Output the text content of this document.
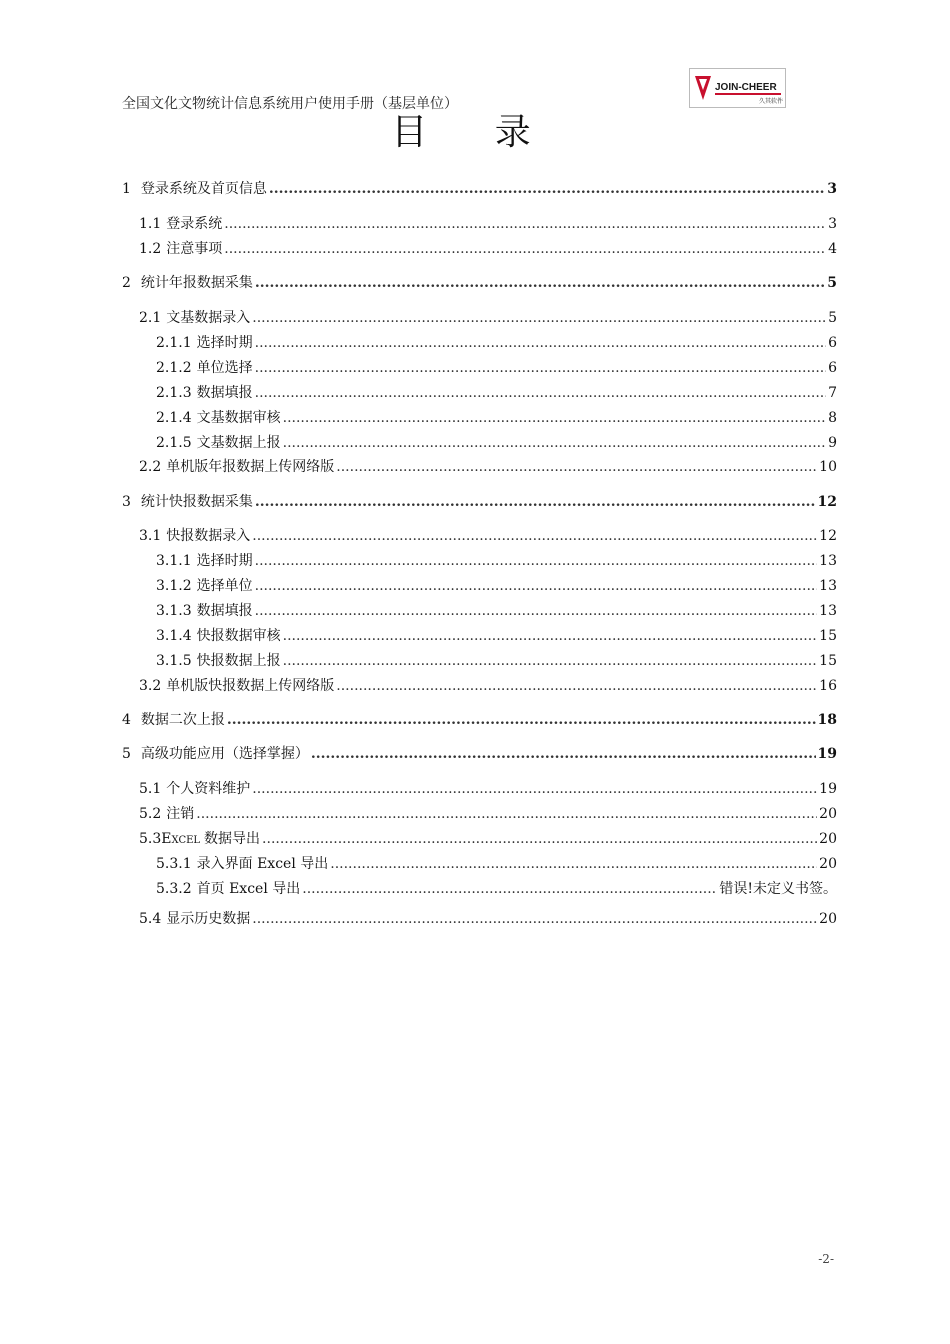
全国文化文物统计信息系统用户使用手册（基层单位）
JOIN-CHEER
久其软件
目 录
1 登录系统及首页信息 .....	3
1.1 登录系统 .....	3
1.2 注意事项 .....	4
2 统计年报数据采集 .....	5
2.1 文基数据录入 .....	5
2.1.1 选择时期 .....	6
2.1.2 单位选择 .....	6
2.1.3 数据填报 .....	7
2.1.4 文基数据审核 .....	8
2.1.5 文基数据上报 .....	9
2.2 单机版年报数据上传网络版 .....	10
3 统计快报数据采集 .....	12
3.1 快报数据录入 .....	12
3.1.1 选择时期 .....	13
3.1.2 选择单位 .....	13
3.1.3 数据填报 .....	13
3.1.4 快报数据审核 .....	15
3.1.5 快报数据上报 .....	15
3.2 单机版快报数据上传网络版 .....	16
4 数据二次上报 .....	18
5 高级功能应用（选择掌握） .....	19
5.1 个人资料维护 .....	19
5.2 注销 .....	20
5.3EXCEL 数据导出 .....	20
5.3.1 录入界面 Excel 导出 .....	20
5.3.2 首页 Excel 导出 .....	错误!未定义书签。
5.4 显示历史数据 .....	20
-2-
